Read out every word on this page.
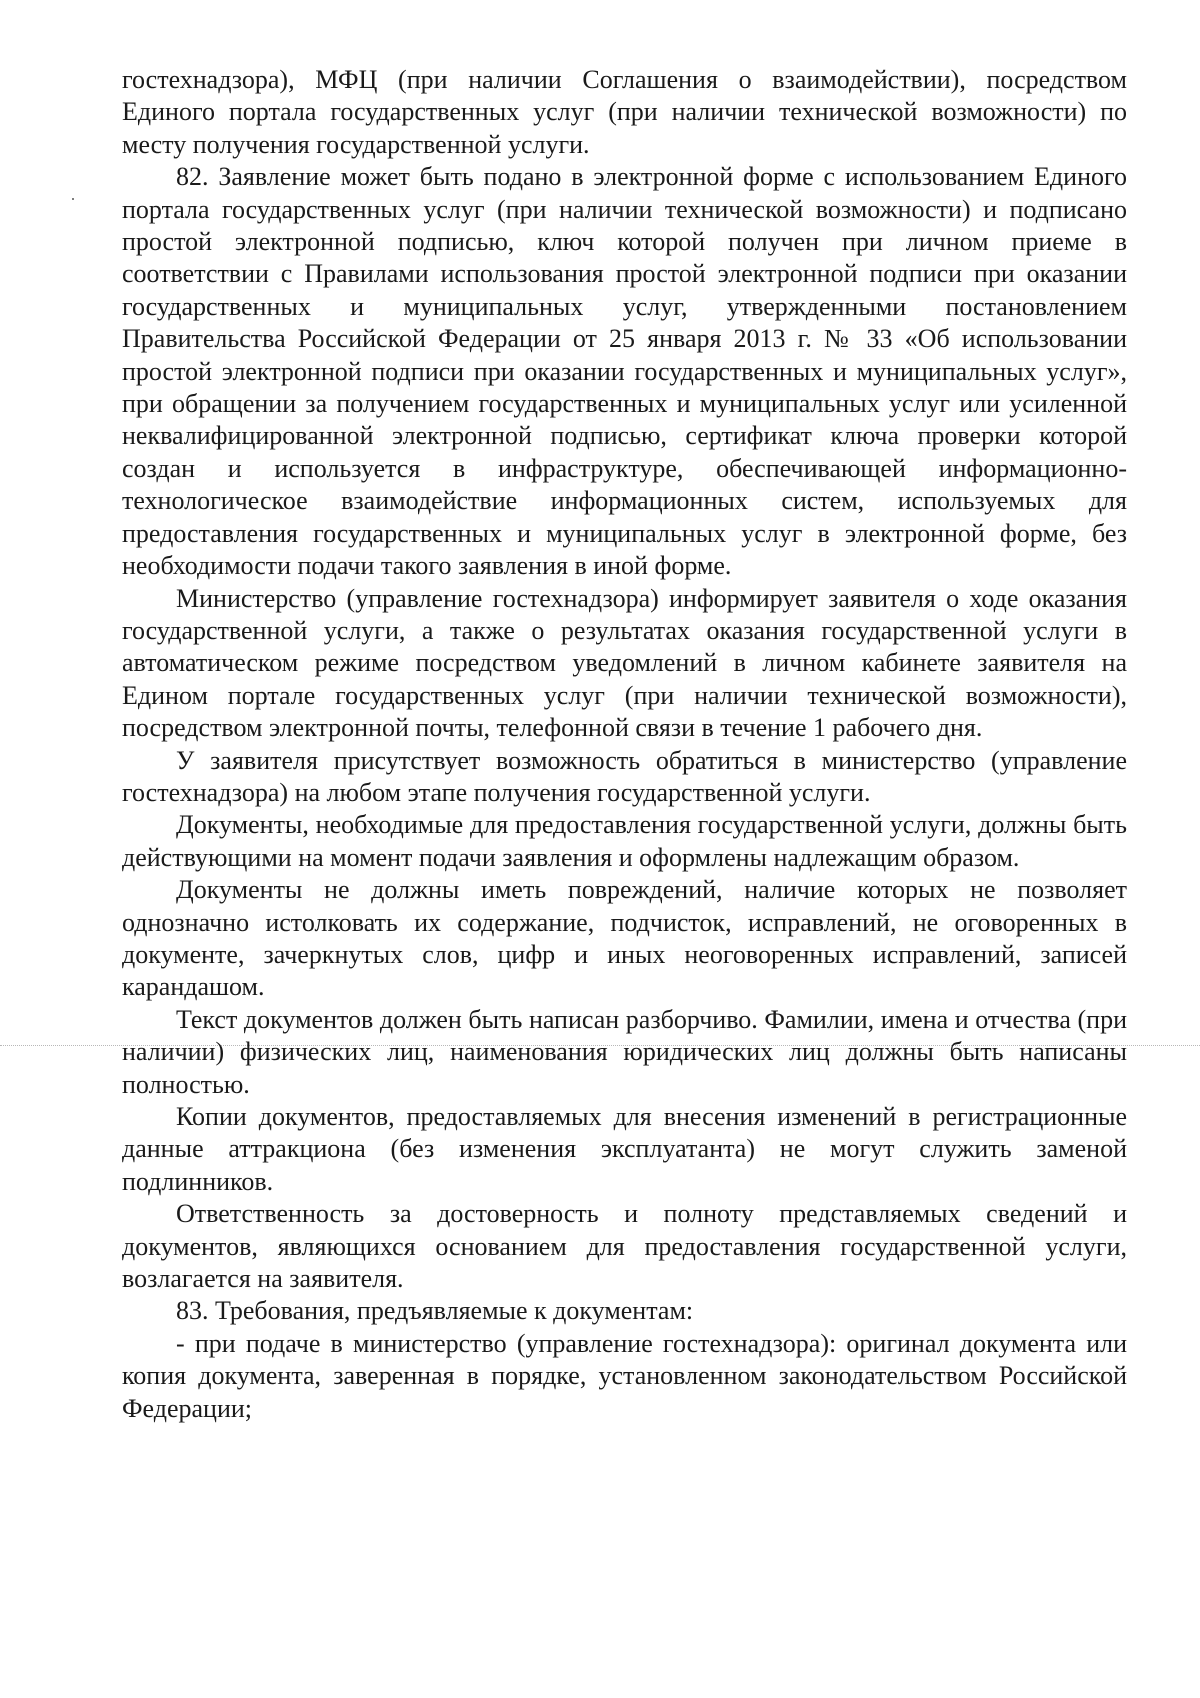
гостехнадзора), МФЦ (при наличии Соглашения о взаимодействии), посредством Единого портала государственных услуг (при наличии технической возможности) по месту получения государственной услуги.

82. Заявление может быть подано в электронной форме с использованием Единого портала государственных услуг (при наличии технической возможности) и подписано простой электронной подписью, ключ которой получен при личном приеме в соответствии с Правилами использования простой электронной подписи при оказании государственных и муниципальных услуг, утвержденными постановлением Правительства Российской Федерации от 25 января 2013 г. № 33 «Об использовании простой электронной подписи при оказании государственных и муниципальных услуг», при обращении за получением государственных и муниципальных услуг или усиленной неквалифицированной электронной подписью, сертификат ключа проверки которой создан и используется в инфраструктуре, обеспечивающей информационно-технологическое взаимодействие информационных систем, используемых для предоставления государственных и муниципальных услуг в электронной форме, без необходимости подачи такого заявления в иной форме.

Министерство (управление гостехнадзора) информирует заявителя о ходе оказания государственной услуги, а также о результатах оказания государственной услуги в автоматическом режиме посредством уведомлений в личном кабинете заявителя на Едином портале государственных услуг (при наличии технической возможности), посредством электронной почты, телефонной связи в течение 1 рабочего дня.

У заявителя присутствует возможность обратиться в министерство (управление гостехнадзора) на любом этапе получения государственной услуги.

Документы, необходимые для предоставления государственной услуги, должны быть действующими на момент подачи заявления и оформлены надлежащим образом.

Документы не должны иметь повреждений, наличие которых не позволяет однозначно истолковать их содержание, подчисток, исправлений, не оговоренных в документе, зачеркнутых слов, цифр и иных неоговоренных исправлений, записей карандашом.

Текст документов должен быть написан разборчиво. Фамилии, имена и отчества (при наличии) физических лиц, наименования юридических лиц должны быть написаны полностью.

Копии документов, предоставляемых для внесения изменений в регистрационные данные аттракциона (без изменения эксплуатанта) не могут служить заменой подлинников.

Ответственность за достоверность и полноту представляемых сведений и документов, являющихся основанием для предоставления государственной услуги, возлагается на заявителя.

83. Требования, предъявляемые к документам:

- при подаче в министерство (управление гостехнадзора): оригинал документа или копия документа, заверенная в порядке, установленном законодательством Российской Федерации;
